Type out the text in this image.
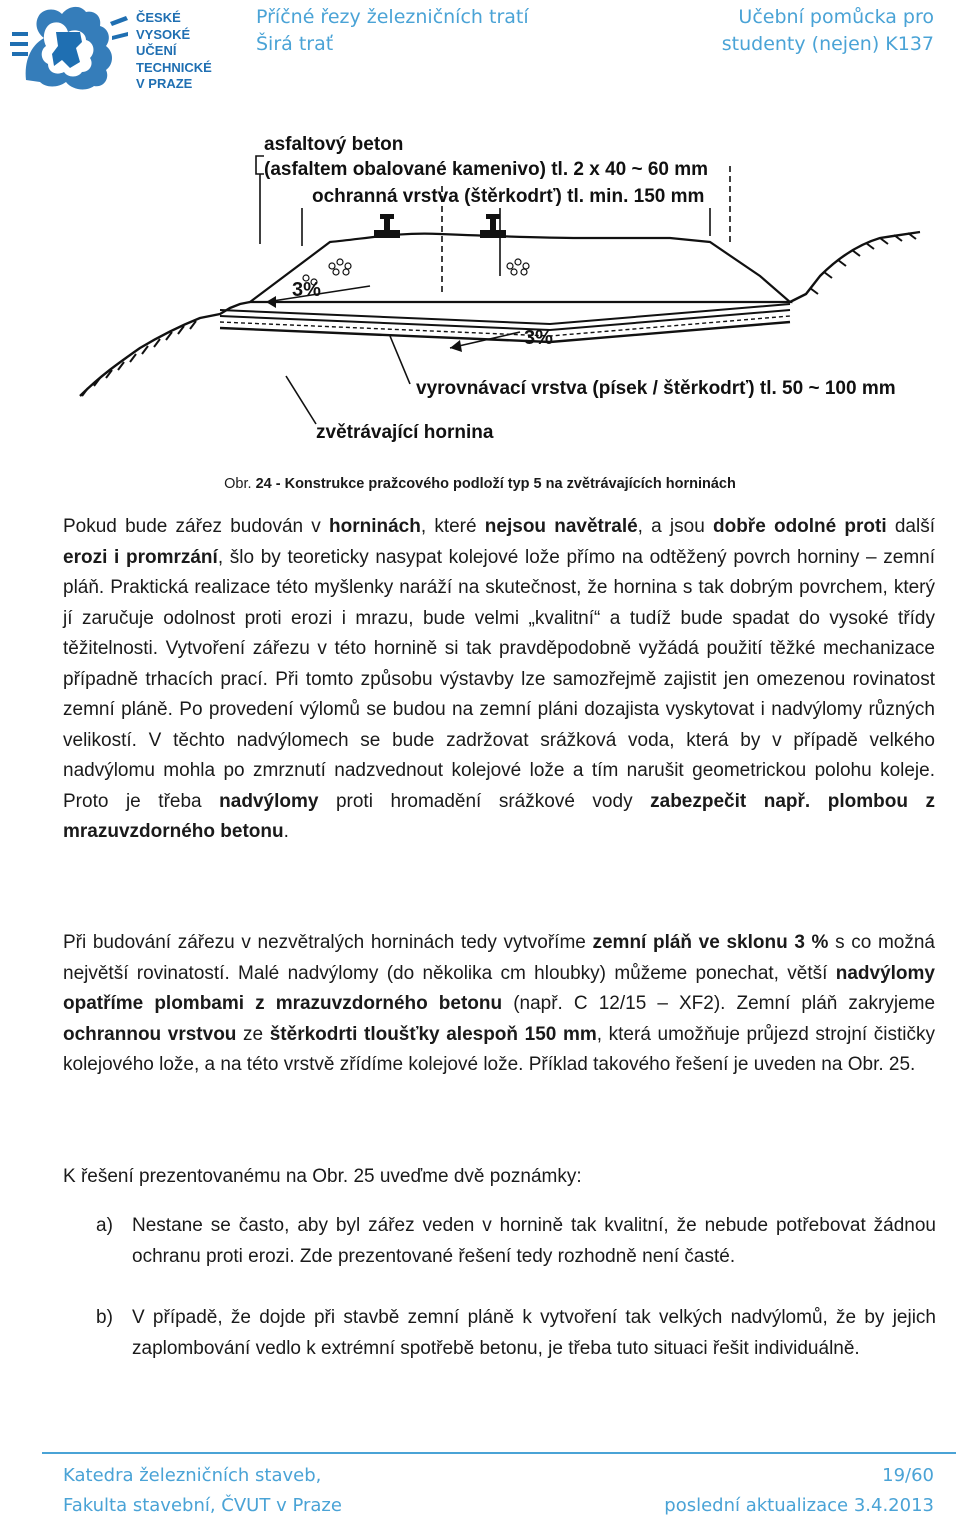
ČESKÉ
VYSOKÉ
UČENÍ
TECHNICKÉ
V PRAZE
Příčné řezy železničních tratí
Širá trať
Učební pomůcka pro
studenty (nejen) K137
asfaltový beton
(asfaltem obalované kamenivo) tl. 2 x 40 ~ 60 mm
ochranná vrstva (štěrkodrť) tl. min. 150 mm
3%
3%
vyrovnávací vrstva (písek / štěrkodrť) tl. 50 ~ 100 mm
zvětrávající hornina
Obr. 24 - Konstrukce pražcového podloží typ 5 na zvětrávajících horninách

Pokud bude zářez budován v horninách, které nejsou navětralé, a jsou dobře odolné proti další erozi i promrzání, šlo by teoreticky nasypat kolejové lože přímo na odtěžený povrch horniny – zemní pláň. Praktická realizace této myšlenky naráží na skutečnost, že hornina s tak dobrým povrchem, který jí zaručuje odolnost proti erozi i mrazu, bude velmi „kvalitní“ a tudíž bude spadat do vysoké třídy těžitelnosti. Vytvoření zářezu v této hornině si tak pravděpodobně vyžádá použití těžké mechanizace případně trhacích prací. Při tomto způsobu výstavby lze samozřejmě zajistit jen omezenou rovinatost zemní pláně. Po provedení výlomů se budou na zemní pláni dozajista vyskytovat i nadvýlomy různých velikostí. V těchto nadvýlomech se bude zadržovat srážková voda, která by v případě velkého nadvýlomu mohla po zmrznutí nadzvednout kolejové lože a tím narušit geometrickou polohu koleje. Proto je třeba nadvýlomy proti hromadění srážkové vody zabezpečit např. plombou z mrazuvzdorného betonu.

Při budování zářezu v nezvětralých horninách tedy vytvoříme zemní pláň ve sklonu 3 % s co možná největší rovinatostí. Malé nadvýlomy (do několika cm hloubky) můžeme ponechat, větší nadvýlomy opatříme plombami z mrazuvzdorného betonu (např. C 12/15 – XF2). Zemní pláň zakryjeme ochrannou vrstvou ze štěrkodrti tloušťky alespoň 150 mm, která umožňuje průjezd strojní čističky kolejového lože, a na této vrstvě zřídíme kolejové lože. Příklad takového řešení je uveden na Obr. 25.

K řešení prezentovanému na Obr. 25 uveďme dvě poznámky:

a) Nestane se často, aby byl zářez veden v hornině tak kvalitní, že nebude potřebovat žádnou ochranu proti erozi. Zde prezentované řešení tedy rozhodně není časté.
b) V případě, že dojde při stavbě zemní pláně k vytvoření tak velkých nadvýlomů, že by jejich zaplombování vedlo k extrémní spotřebě betonu, je třeba tuto situaci řešit individuálně.
Katedra železničních staveb,
Fakulta stavební, ČVUT v Praze
19/60
poslední aktualizace 3.4.2013
